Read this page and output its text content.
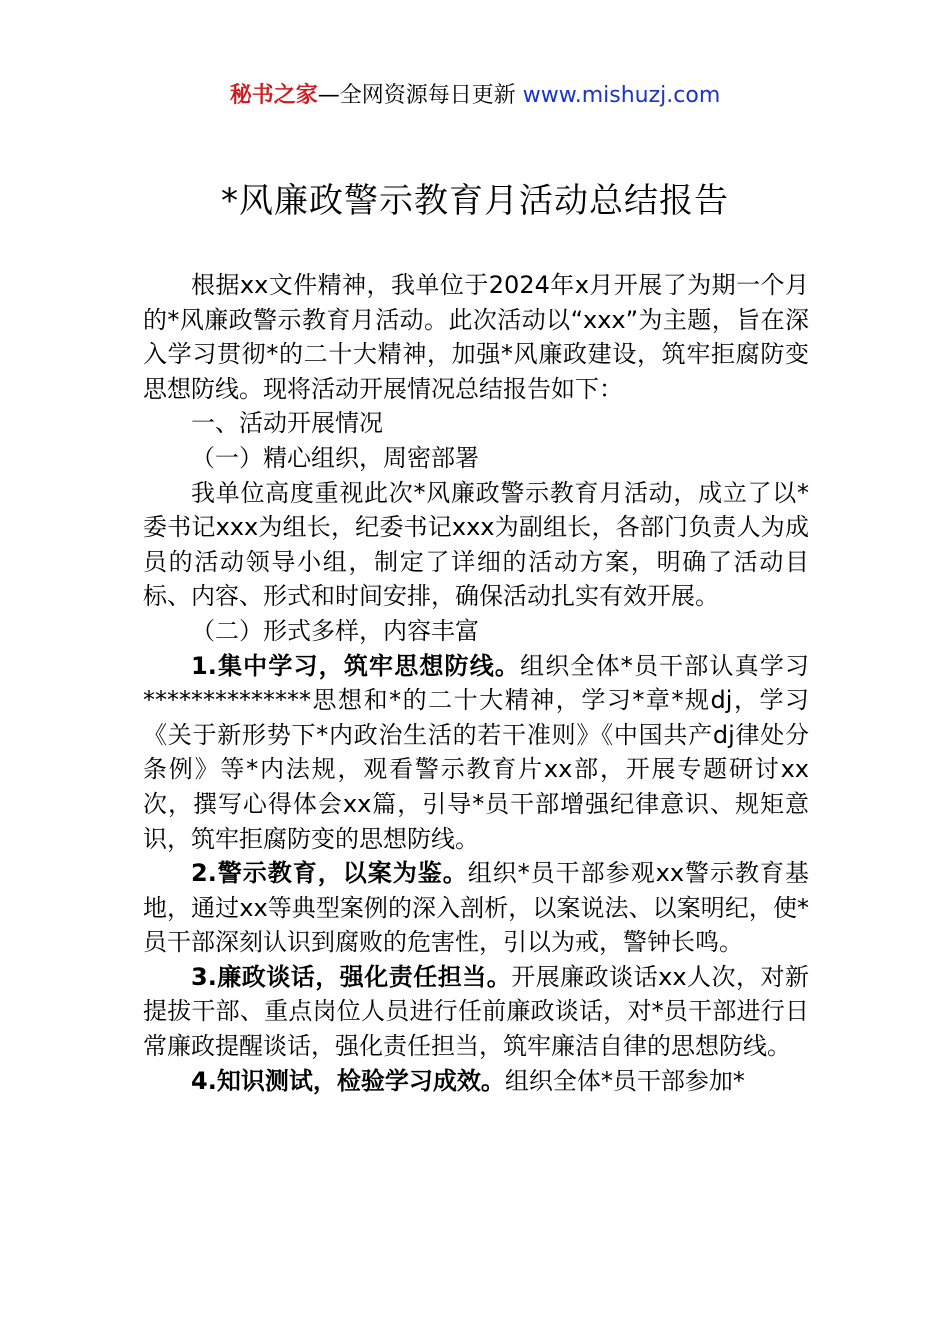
秘书之家—全网资源每日更新 www.mishuzj.com
*风廉政警示教育月活动总结报告

根据xx文件精神，我单位于2024年x月开展了为期一个月的*风廉政警示教育月活动。此次活动以“xxx”为主题，旨在深入学习贯彻*的二十大精神，加强*风廉政建设，筑牢拒腐防变思想防线。现将活动开展情况总结报告如下：

一、活动开展情况

（一）精心组织，周密部署

我单位高度重视此次*风廉政警示教育月活动，成立了以*委书记xxx为组长，纪委书记xxx为副组长，各部门负责人为成员的活动领导小组，制定了详细的活动方案，明确了活动目标、内容、形式和时间安排，确保活动扎实有效开展。

（二）形式多样，内容丰富

1.集中学习，筑牢思想防线。组织全体*员干部认真学习**************思想和*的二十大精神，学习*章*规dj，学习《关于新形势下*内政治生活的若干准则》《中国共产dj律处分条例》等*内法规，观看警示教育片xx部，开展专题研讨xx次，撰写心得体会xx篇，引导*员干部增强纪律意识、规矩意识，筑牢拒腐防变的思想防线。

2.警示教育，以案为鉴。组织*员干部参观xx警示教育基地，通过xx等典型案例的深入剖析，以案说法、以案明纪，使*员干部深刻认识到腐败的危害性，引以为戒，警钟长鸣。

3.廉政谈话，强化责任担当。开展廉政谈话xx人次，对新提拔干部、重点岗位人员进行任前廉政谈话，对*员干部进行日常廉政提醒谈话，强化责任担当，筑牢廉洁自律的思想防线。

4.知识测试，检验学习成效。组织全体*员干部参加*
